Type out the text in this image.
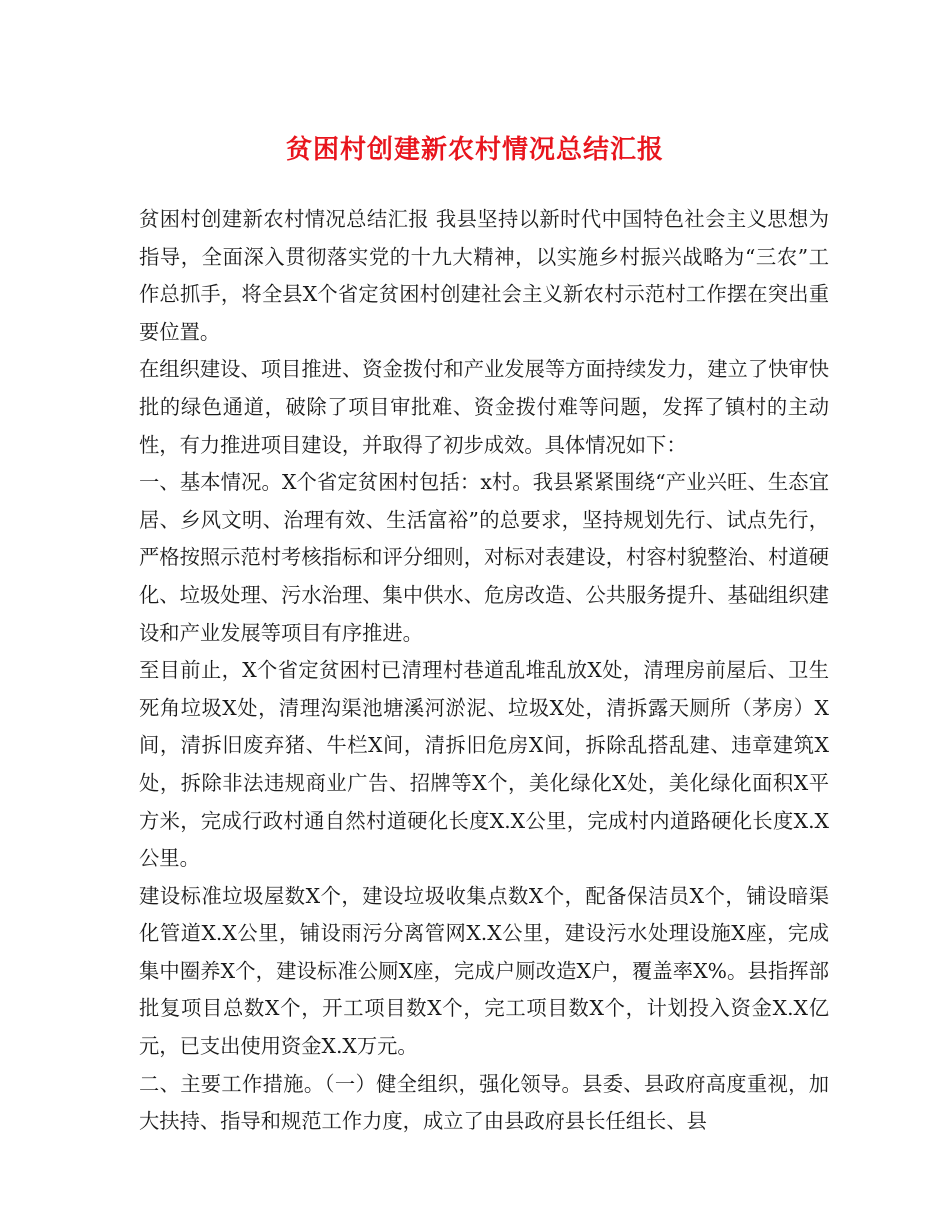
贫困村创建新农村情况总结汇报

贫困村创建新农村情况总结汇报 我县坚持以新时代中国特色社会主义思想为指导，全面深入贯彻落实党的十九大精神，以实施乡村振兴战略为“三农”工作总抓手，将全县X个省定贫困村创建社会主义新农村示范村工作摆在突出重要位置。

在组织建设、项目推进、资金拨付和产业发展等方面持续发力，建立了快审快批的绿色通道，破除了项目审批难、资金拨付难等问题，发挥了镇村的主动性，有力推进项目建设，并取得了初步成效。具体情况如下：

一、基本情况。X个省定贫困村包括：x村。我县紧紧围绕“产业兴旺、生态宜居、乡风文明、治理有效、生活富裕”的总要求，坚持规划先行、试点先行，严格按照示范村考核指标和评分细则，对标对表建设，村容村貌整治、村道硬化、垃圾处理、污水治理、集中供水、危房改造、公共服务提升、基础组织建设和产业发展等项目有序推进。

至目前止，X个省定贫困村已清理村巷道乱堆乱放X处，清理房前屋后、卫生死角垃圾X处，清理沟渠池塘溪河淤泥、垃圾X处，清拆露天厕所（茅房）X间，清拆旧废弃猪、牛栏X间，清拆旧危房X间，拆除乱搭乱建、违章建筑X处，拆除非法违规商业广告、招牌等X个，美化绿化X处，美化绿化面积X平方米，完成行政村通自然村道硬化长度X.X公里，完成村内道路硬化长度X.X公里。

建设标准垃圾屋数X个，建设垃圾收集点数X个，配备保洁员X个，铺设暗渠化管道X.X公里，铺设雨污分离管网X.X公里，建设污水处理设施X座，完成集中圈养X个，建设标准公厕X座，完成户厕改造X户，覆盖率X%。县指挥部批复项目总数X个，开工项目数X个，完工项目数X个，计划投入资金X.X亿元，已支出使用资金X.X万元。

二、主要工作措施。（一）健全组织，强化领导。县委、县政府高度重视，加大扶持、指导和规范工作力度，成立了由县政府县长任组长、县
